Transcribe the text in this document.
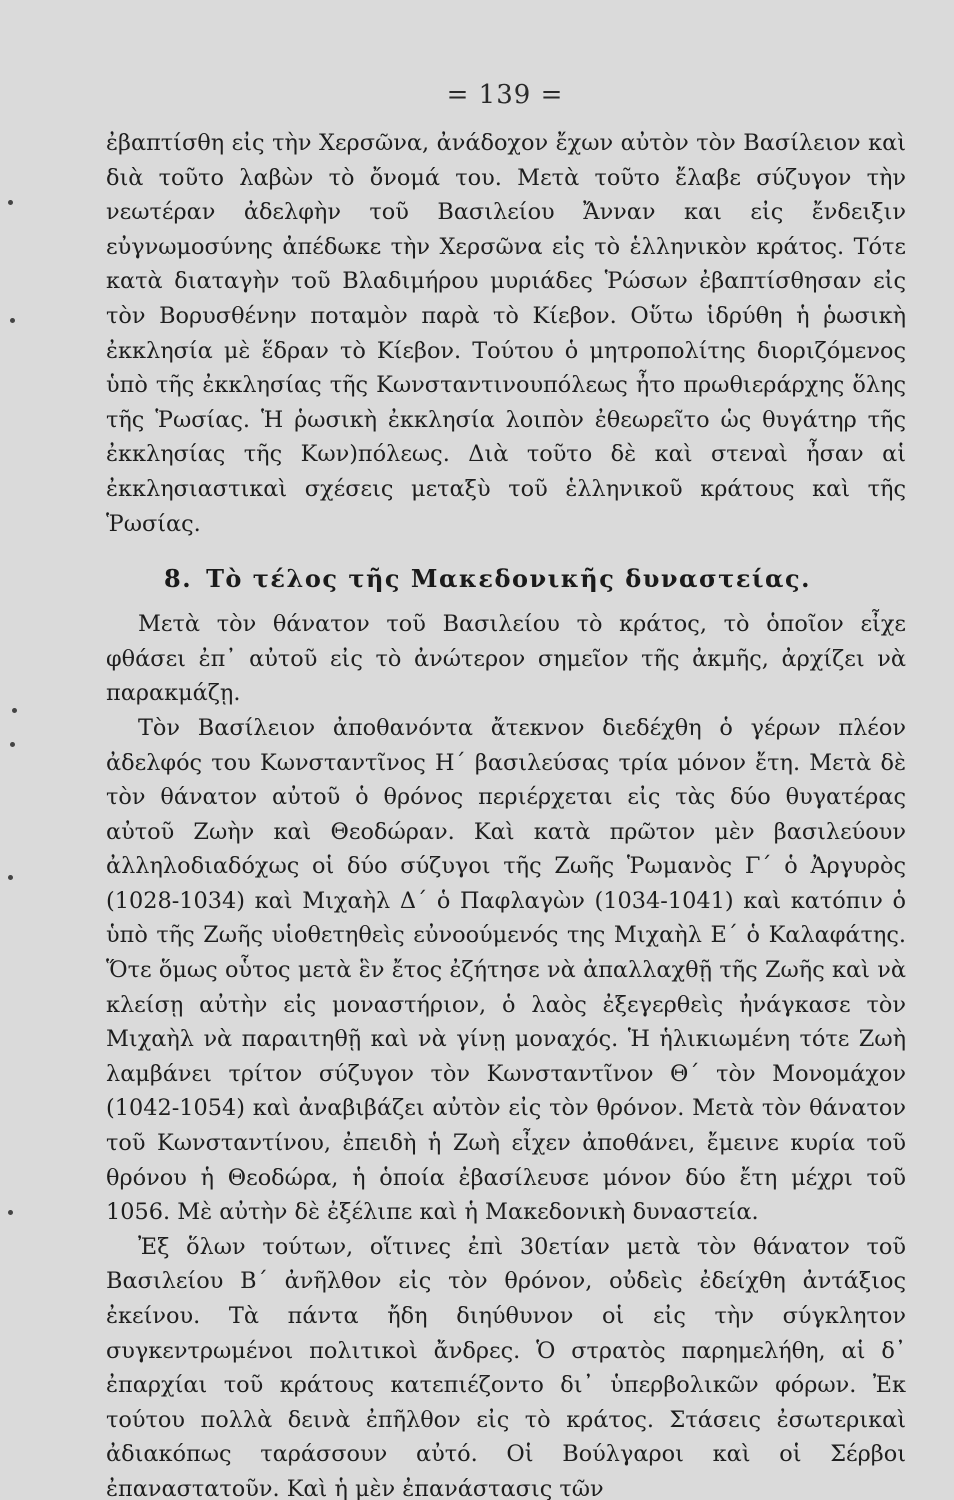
= 139 =

ἐβαπτίσθη εἰς τὴν Χερσῶνα, ἀνάδοχον ἔχων αὐτὸν τὸν Βασίλειον καὶ διὰ τοῦτο λαβὼν τὸ ὄνομά του. Μετὰ τοῦτο ἔλαβε σύζυγον τὴν νεωτέραν ἀδελφὴν τοῦ Βασιλείου Ἄνναν και εἰς ἔνδειξιν εὐγνωμοσύνης ἀπέδωκε τὴν Χερσῶνα εἰς τὸ ἑλληνικὸν κράτος. Τότε κατὰ διαταγὴν τοῦ Βλαδιμήρου μυριάδες Ῥώσων ἐβαπτίσθησαν εἰς τὸν Βορυσθένην ποταμὸν παρὰ τὸ Κίεβον. Οὕτω ἱδρύθη ἡ ῥωσικὴ ἐκκλησία μὲ ἕδραν τὸ Κίεβον. Τούτου ὁ μητροπολίτης διοριζόμενος ὑπὸ τῆς ἐκκλησίας τῆς Κωνσταντινουπόλεως ἦτο πρωθιεράρχης ὅλης τῆς Ῥωσίας. Ἡ ῥωσικὴ ἐκκλησία λοιπὸν ἐθεωρεῖτο ὡς θυγάτηρ τῆς ἐκκλησίας τῆς Κων)πόλεως. Διὰ τοῦτο δὲ καὶ στεναὶ ἦσαν αἱ ἐκκλησιαστικαὶ σχέσεις μεταξὺ τοῦ ἑλληνικοῦ κράτους καὶ τῆς Ῥωσίας.

8. Τὸ τέλος τῆς Μακεδονικῆς δυναστείας.

Μετὰ τὸν θάνατον τοῦ Βασιλείου τὸ κράτος, τὸ ὁποῖον εἶχε φθάσει ἐπ᾽ αὐτοῦ εἰς τὸ ἀνώτερον σημεῖον τῆς ἀκμῆς, ἀρχίζει νὰ παρακμάζῃ.

Τὸν Βασίλειον ἀποθανόντα ἄτεκνον διεδέχθη ὁ γέρων πλέον ἀδελφός του Κωνσταντῖνος Η´ βασιλεύσας τρία μόνον ἔτη. Μετὰ δὲ τὸν θάνατον αὐτοῦ ὁ θρόνος περιέρχεται εἰς τὰς δύο θυγατέρας αὐτοῦ Ζωὴν καὶ Θεοδώραν. Καὶ κατὰ πρῶτον μὲν βασιλεύουν ἀλληλοδιαδόχως οἱ δύο σύζυγοι τῆς Ζωῆς Ῥωμανὸς Γ´ ὁ Ἀργυρὸς (1028-1034) καὶ Μιχαὴλ Δ´ ὁ Παφλαγὼν (1034-1041) καὶ κατόπιν ὁ ὑπὸ τῆς Ζωῆς υἱοθετηθεὶς εὐνοούμενός της Μιχαὴλ Ε´ ὁ Καλαφάτης. Ὅτε ὅμως οὗτος μετὰ ἓν ἔτος ἐζήτησε νὰ ἀπαλλαχθῇ τῆς Ζωῆς καὶ νὰ κλείσῃ αὐτὴν εἰς μοναστήριον, ὁ λαὸς ἐξεγερθεὶς ἠνάγκασε τὸν Μιχαὴλ νὰ παραιτηθῇ καὶ νὰ γίνῃ μοναχός. Ἡ ἡλικιωμένη τότε Ζωὴ λαμβάνει τρίτον σύζυγον τὸν Κωνσταντῖνον Θ´ τὸν Μονομάχον (1042-1054) καὶ ἀναβιβάζει αὐτὸν εἰς τὸν θρόνον. Μετὰ τὸν θάνατον τοῦ Κωνσταντίνου, ἐπειδὴ ἡ Ζωὴ εἶχεν ἀποθάνει, ἔμεινε κυρία τοῦ θρόνου ἡ Θεοδώρα, ἡ ὁποία ἐβασίλευσε μόνον δύο ἔτη μέχρι τοῦ 1056. Μὲ αὐτὴν δὲ ἐξέλιπε καὶ ἡ Μακεδονικὴ δυναστεία.

Ἐξ ὅλων τούτων, οἵτινες ἐπὶ 30ετίαν μετὰ τὸν θάνατον τοῦ Βασιλείου Β´ ἀνῆλθον εἰς τὸν θρόνον, οὐδεὶς ἐδείχθη ἀντάξιος ἐκείνου. Τὰ πάντα ἤδη διηύθυνον οἱ εἰς τὴν σύγκλητον συγκεντρωμένοι πολιτικοὶ ἄνδρες. Ὁ στρατὸς παρημελήθη, αἱ δ᾽ ἐπαρχίαι τοῦ κράτους κατεπιέζοντο δι᾽ ὑπερβολικῶν φόρων. Ἐκ τούτου πολλὰ δεινὰ ἐπῆλθον εἰς τὸ κράτος. Στάσεις ἐσωτερικαὶ ἀδιακόπως ταράσσουν αὐτό. Οἱ Βούλγαροι καὶ οἱ Σέρβοι ἐπαναστατοῦν. Καὶ ἡ μὲν ἐπανάστασις τῶν
